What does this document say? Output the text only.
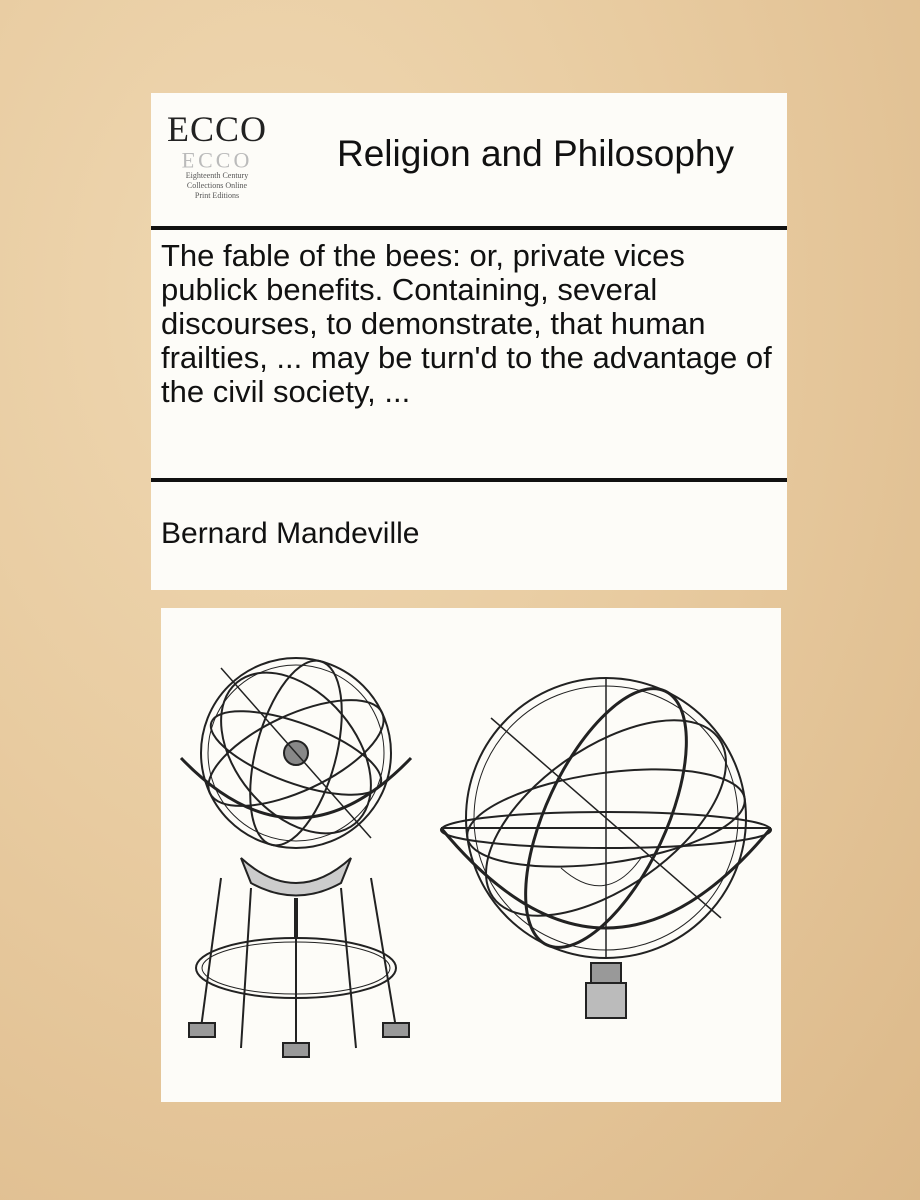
ECCO
ECCO
Eighteenth Century
Collections Online
Print Editions
Religion and Philosophy
The fable of the bees: or, private vices publick benefits. Containing, several discourses, to demonstrate, that human frailties, ... may be turn'd to the advantage of the civil society, ...
Bernard Mandeville
